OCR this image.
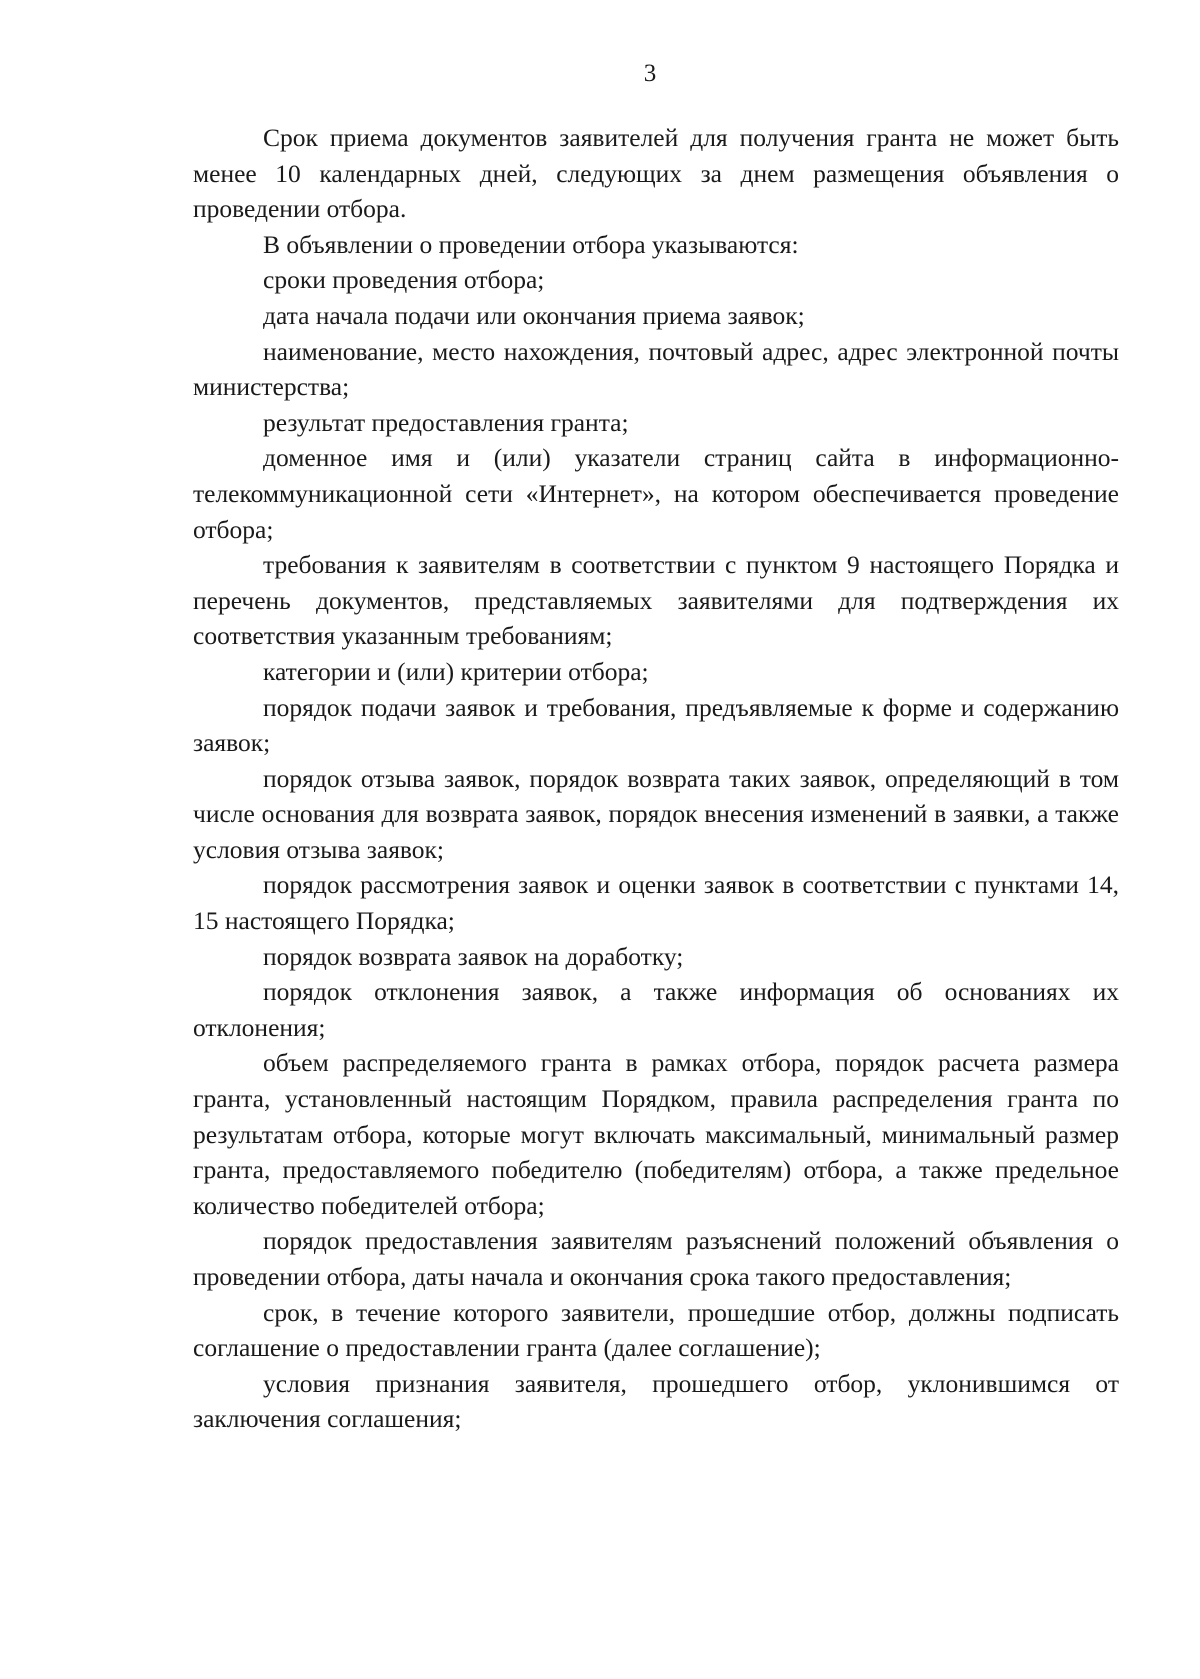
3

Срок приема документов заявителей для получения гранта не может быть менее 10 календарных дней, следующих за днем размещения объявления о проведении отбора.

В объявлении о проведении отбора указываются:

сроки проведения отбора;

дата начала подачи или окончания приема заявок;

наименование, место нахождения, почтовый адрес, адрес электронной почты министерства;

результат предоставления гранта;

доменное имя и (или) указатели страниц сайта в информационно-телекоммуникационной сети «Интернет», на котором обеспечивается проведение отбора;

требования к заявителям в соответствии с пунктом 9 настоящего Порядка и перечень документов, представляемых заявителями для подтверждения их соответствия указанным требованиям;

категории и (или) критерии отбора;

порядок подачи заявок и требования, предъявляемые к форме и содержанию заявок;

порядок отзыва заявок, порядок возврата таких заявок, определяющий в том числе основания для возврата заявок, порядок внесения изменений в заявки, а также условия отзыва заявок;

порядок рассмотрения заявок и оценки заявок в соответствии с пунктами 14, 15 настоящего Порядка;

порядок возврата заявок на доработку;

порядок отклонения заявок, а также информация об основаниях их отклонения;

объем распределяемого гранта в рамках отбора, порядок расчета размера гранта, установленный настоящим Порядком, правила распределения гранта по результатам отбора, которые могут включать максимальный, минимальный размер гранта, предоставляемого победителю (победителям) отбора, а также предельное количество победителей отбора;

порядок предоставления заявителям разъяснений положений объявления о проведении отбора, даты начала и окончания срока такого предоставления;

срок, в течение которого заявители, прошедшие отбор, должны подписать соглашение о предоставлении гранта (далее соглашение);

условия признания заявителя, прошедшего отбор, уклонившимся от заключения соглашения;
